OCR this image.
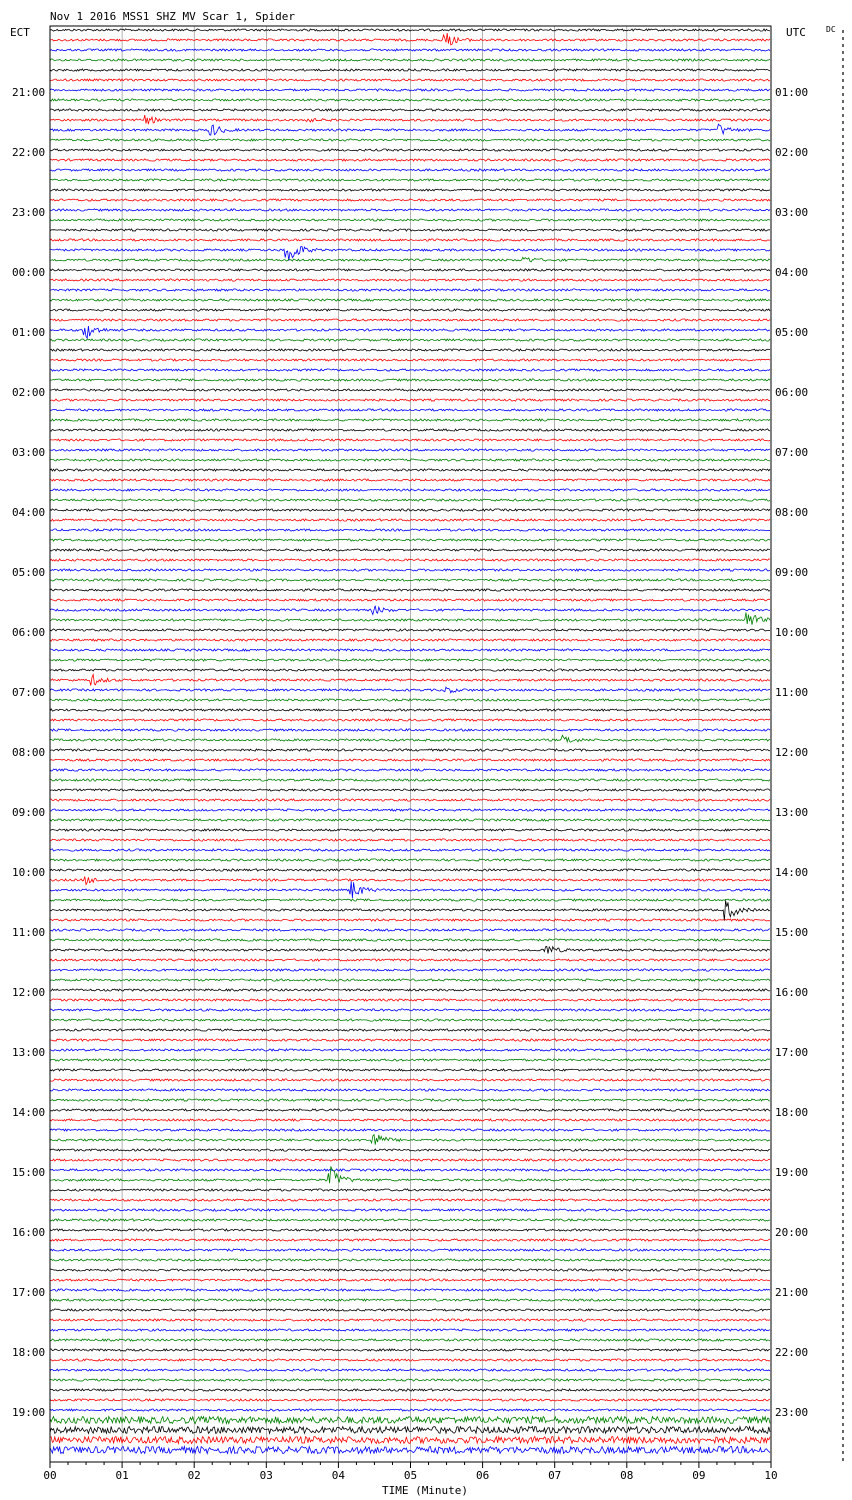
Nov 1 2016 MSS1 SHZ MV Scar 1, Spider
ECT	UTC	DC
TIME (Minute)
00	01	02	03	04	05	06	07	08	09	10
21:00
22:00
23:00
00:00
01:00
02:00
03:00
04:00
05:00
06:00
07:00
08:00
09:00
10:00
11:00
12:00
13:00
14:00
15:00
16:00
17:00
18:00
19:00
01:00
02:00
03:00
04:00
05:00
06:00
07:00
08:00
09:00
10:00
11:00
12:00
13:00
14:00
15:00
16:00
17:00
18:00
19:00
20:00
21:00
22:00
23:00
